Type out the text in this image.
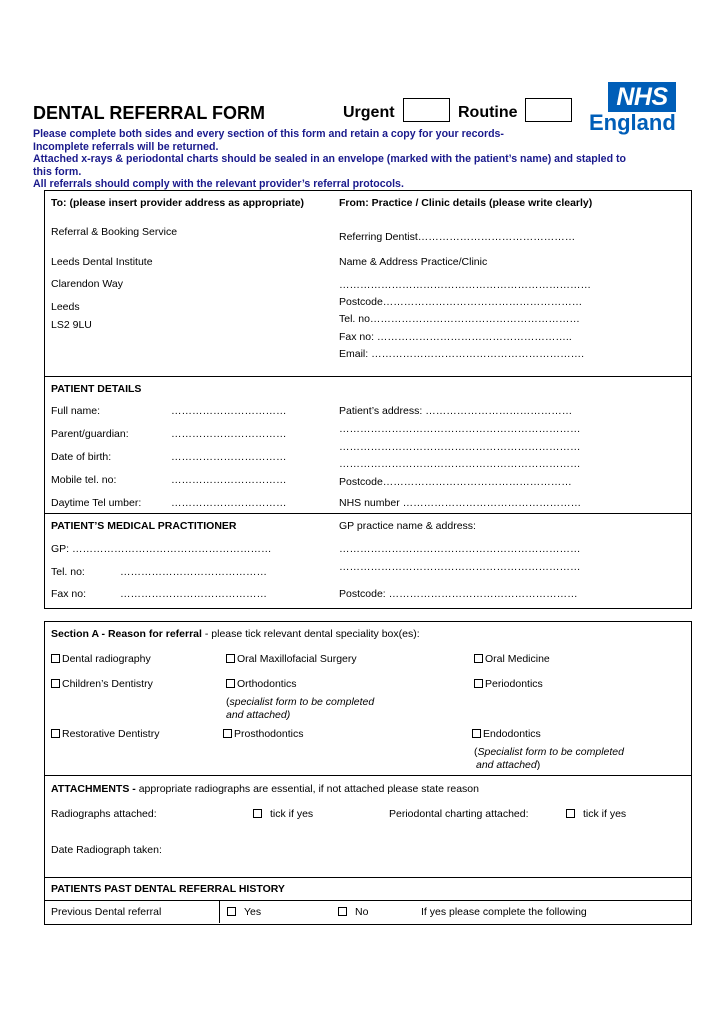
DENTAL REFERRAL FORM	Urgent	Routine
NHS
England
Please complete both sides and every section of this form and retain a copy for your records-
Incomplete referrals will be returned.
Attached x-rays & periodontal charts should be sealed in an envelope (marked with the patient’s name) and stapled to
this form.
All referrals should comply with the relevant provider’s referral protocols.
To: (please insert provider address as appropriate)
Referral & Booking Service
Leeds Dental Institute
Clarendon Way
Leeds
LS2 9LU
From: Practice / Clinic details (please write clearly)
Referring Dentist………………………………………
Name & Address Practice/Clinic
………………………………………………………………
Postcode…………………………………………………
Tel. no……………………………………………………
Fax no: ………………………………………………..
Email: …………………………………………………….
PATIENT DETAILS
Full name:	……………………………
Parent/guardian:	……………………………
Date of birth:	……………………………
Mobile tel. no:	……………………………
Daytime Tel umber:	……………………………
Patient’s address: ……………………………………
……………………………………………………………
……………………………………………………………
……………………………………………………………
Postcode………………………………………………
NHS number ……………………………………………
PATIENT’S MEDICAL PRACTITIONER
GP: …………………………………………………
Tel. no:	……………………………………
Fax no:	……………………………………
GP practice name & address:
……………………………………………………………
……………………………………………………………
Postcode: ………………………………………………
Section A - Reason for referral - please tick relevant dental speciality box(es):
Dental radiography	Oral Maxillofacial Surgery	Oral Medicine
Children’s Dentistry	Orthodontics	Periodontics
(specialist form to be completed
and attached)
Restorative Dentistry	Prosthodontics	Endodontics
(Specialist form to be completed
and attached)
ATTACHMENTS - appropriate radiographs are essential, if not attached please state reason
Radiographs attached:	tick if yes	Periodontal charting attached:	tick if yes
Date Radiograph taken:
PATIENTS PAST DENTAL REFERRAL HISTORY
Previous Dental referral	Yes	No	If yes please complete the following
